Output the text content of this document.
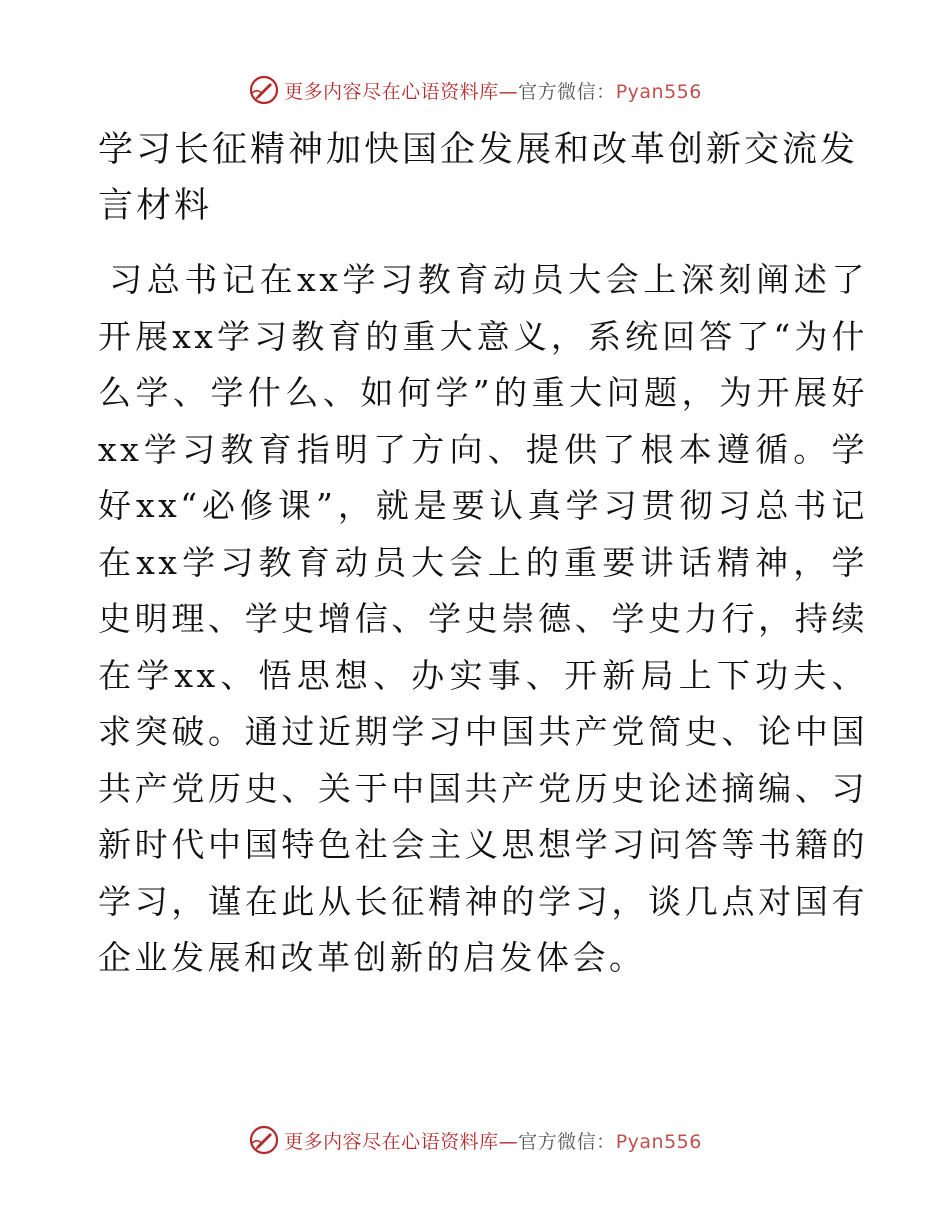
更多内容尽在心语资料库—官方微信：Pyan556
学习长征精神加快国企发展和改革创新交流发言材料

习总书记在xx学习教育动员大会上深刻阐述了开展xx学习教育的重大意义，系统回答了“为什么学、学什么、如何学”的重大问题，为开展好xx学习教育指明了方向、提供了根本遵循。学好xx“必修课”，就是要认真学习贯彻习总书记在xx学习教育动员大会上的重要讲话精神，学史明理、学史增信、学史崇德、学史力行，持续在学xx、悟思想、办实事、开新局上下功夫、求突破。通过近期学习中国共产党简史、论中国共产党历史、关于中国共产党历史论述摘编、习新时代中国特色社会主义思想学习问答等书籍的学习，谨在此从长征精神的学习，谈几点对国有企业发展和改革创新的启发体会。

更多内容尽在心语资料库—官方微信：Pyan556
